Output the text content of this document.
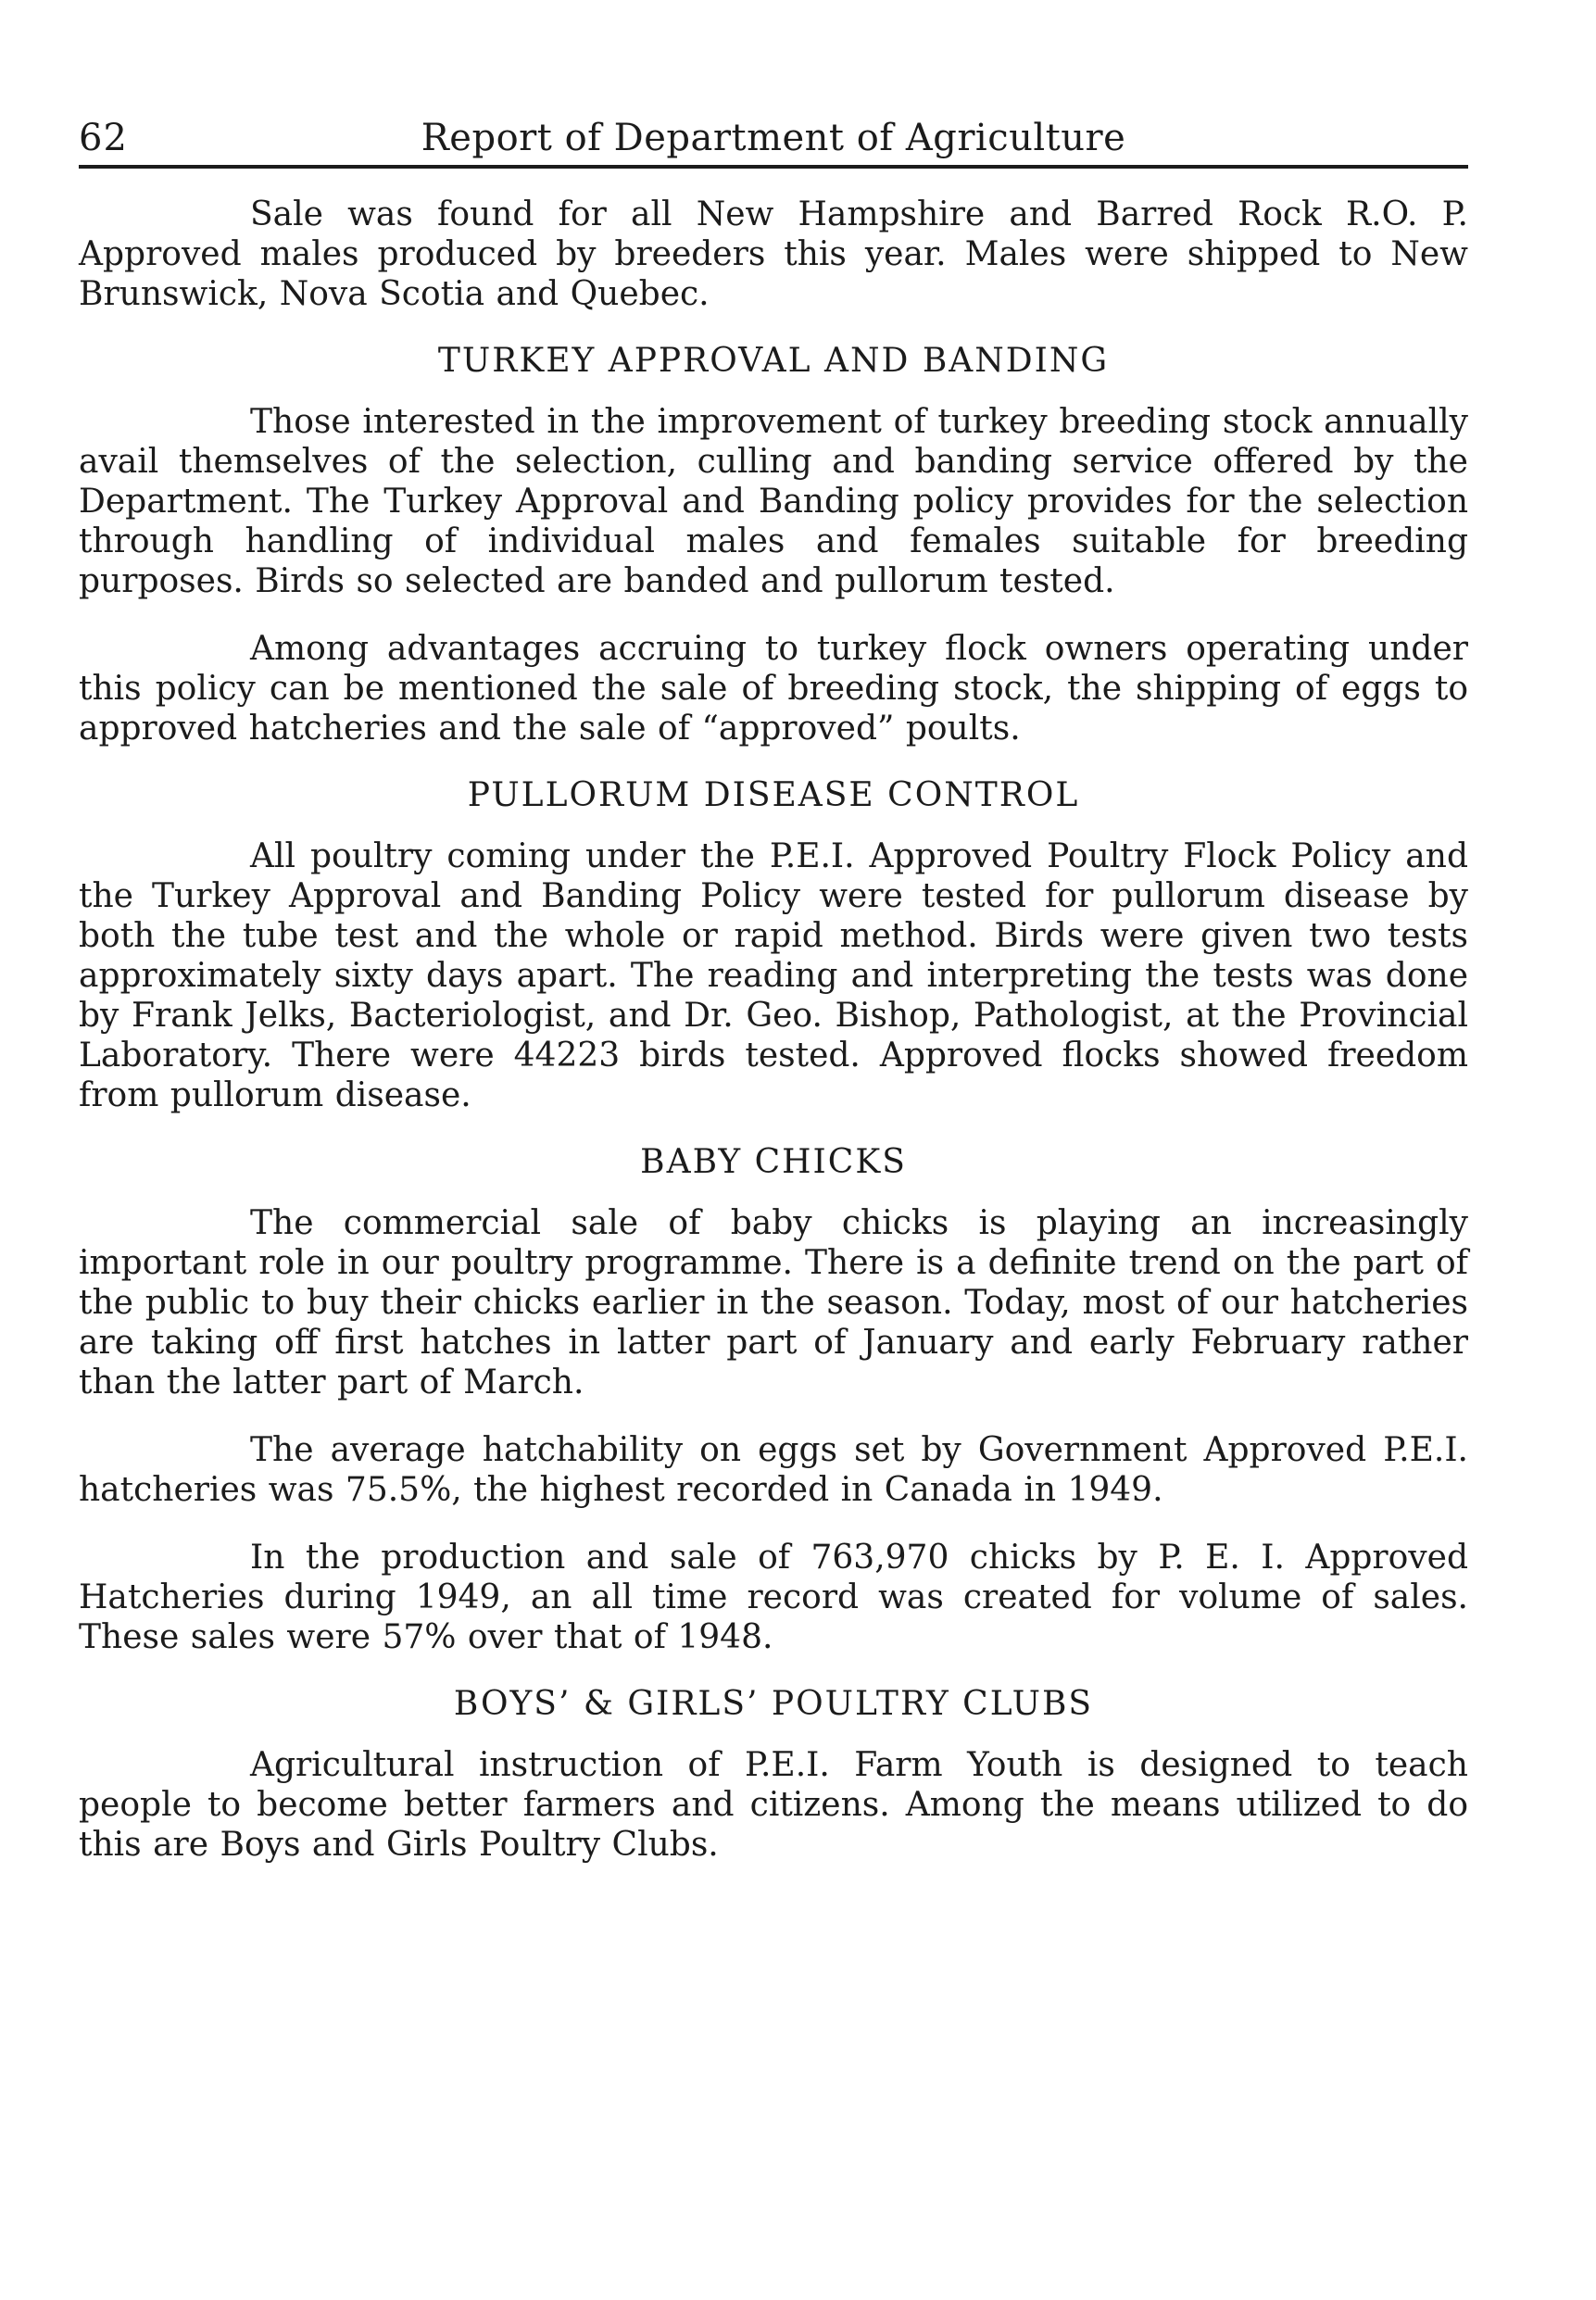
62	Report of Department of Agriculture

Sale was found for all New Hampshire and Barred Rock R.O. P. Approved males produced by breeders this year. Males were shipped to New Brunswick, Nova Scotia and Quebec.

TURKEY APPROVAL AND BANDING

Those interested in the improvement of turkey breeding stock annually avail themselves of the selection, culling and banding service offered by the Department. The Turkey Approval and Banding policy provides for the selection through handling of individual males and females suitable for breeding purposes. Birds so selected are banded and pullorum tested.

Among advantages accruing to turkey flock owners operating under this policy can be mentioned the sale of breeding stock, the shipping of eggs to approved hatcheries and the sale of “approved” poults.

PULLORUM DISEASE CONTROL

All poultry coming under the P.E.I. Approved Poultry Flock Policy and the Turkey Approval and Banding Policy were tested for pullorum disease by both the tube test and the whole or rapid method. Birds were given two tests approximately sixty days apart. The reading and interpreting the tests was done by Frank Jelks, Bacteriologist, and Dr. Geo. Bishop, Pathologist, at the Provincial Laboratory. There were 44223 birds tested. Approved flocks showed freedom from pullorum disease.

BABY CHICKS

The commercial sale of baby chicks is playing an increasingly important role in our poultry programme. There is a definite trend on the part of the public to buy their chicks earlier in the season. Today, most of our hatcheries are taking off first hatches in latter part of January and early February rather than the latter part of March.

The average hatchability on eggs set by Government Approved P.E.I. hatcheries was 75.5%, the highest recorded in Canada in 1949.

In the production and sale of 763,970 chicks by P. E. I. Approved Hatcheries during 1949, an all time record was created for volume of sales. These sales were 57% over that of 1948.

BOYS’ & GIRLS’ POULTRY CLUBS

Agricultural instruction of P.E.I. Farm Youth is designed to teach people to become better farmers and citizens. Among the means utilized to do this are Boys and Girls Poultry Clubs.
